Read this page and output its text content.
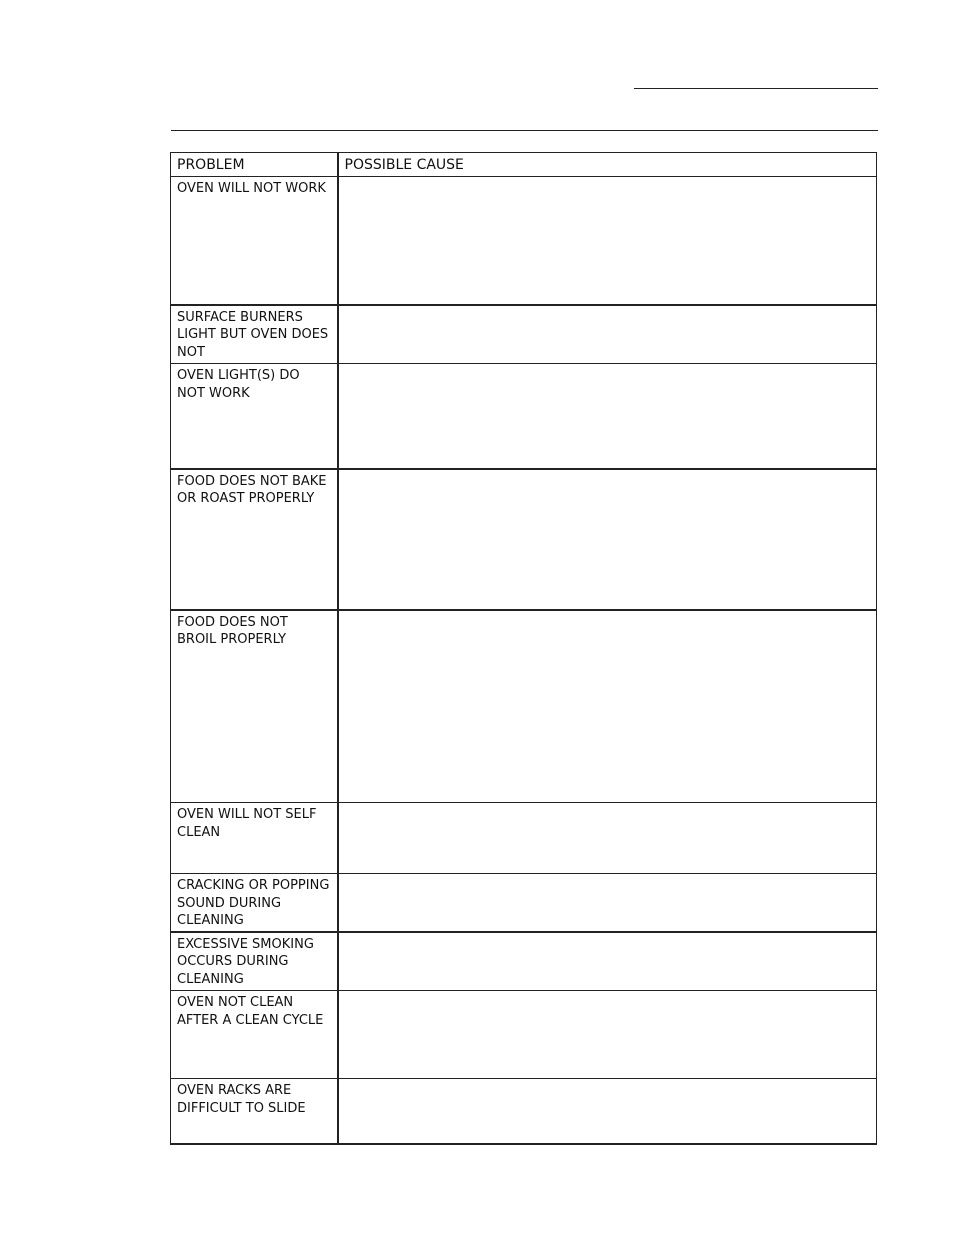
PROBLEM	POSSIBLE CAUSE
OVEN WILL NOT WORK	
SURFACE BURNERS LIGHT BUT OVEN DOES NOT	
OVEN LIGHT(S) DO NOT WORK	
FOOD DOES NOT BAKE OR ROAST PROPERLY	
FOOD DOES NOT BROIL PROPERLY	
OVEN WILL NOT SELF CLEAN	
CRACKING OR POPPING SOUND DURING CLEANING	
EXCESSIVE SMOKING OCCURS DURING CLEANING	
OVEN NOT CLEAN AFTER A CLEAN CYCLE	
OVEN RACKS ARE DIFFICULT TO SLIDE	
